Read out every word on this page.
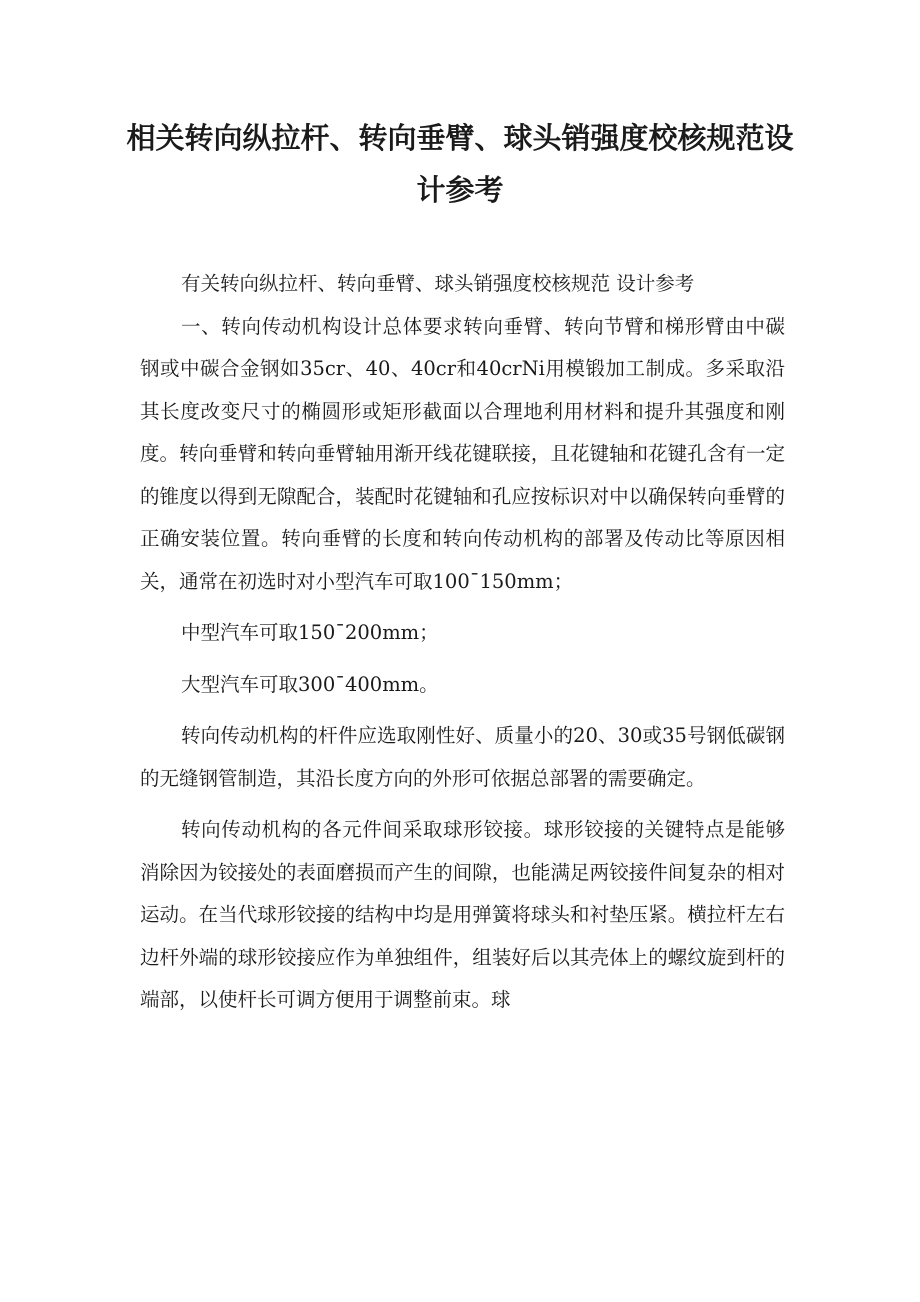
相关转向纵拉杆、转向垂臂、球头销强度校核规范设计参考

有关转向纵拉杆、转向垂臂、球头销强度校核规范 设计参考

一、转向传动机构设计总体要求转向垂臂、转向节臂和梯形臂由中碳钢或中碳合金钢如35cr、40、40cr和40crNi用模锻加工制成。多采取沿其长度改变尺寸的椭圆形或矩形截面以合理地利用材料和提升其强度和刚度。转向垂臂和转向垂臂轴用渐开线花键联接，且花键轴和花键孔含有一定的锥度以得到无隙配合，装配时花键轴和孔应按标识对中以确保转向垂臂的正确安装位置。转向垂臂的长度和转向传动机构的部署及传动比等原因相关，通常在初选时对小型汽车可取100¯150mm；

中型汽车可取150¯200mm；

大型汽车可取300¯400mm。

转向传动机构的杆件应选取刚性好、质量小的20、30或35号钢低碳钢 的无缝钢管制造，其沿长度方向的外形可依据总部署的需要确定。

转向传动机构的各元件间采取球形铰接。球形铰接的关键特点是能够消除因为铰接处的表面磨损而产生的间隙，也能满足两铰接件间复杂的相对运动。在当代球形铰接的结构中均是用弹簧将球头和衬垫压紧。横拉杆左右边杆外端的球形铰接应作为单独组件，组装好后以其壳体上的螺纹旋到杆的端部，以使杆长可调方便用于调整前束。球
